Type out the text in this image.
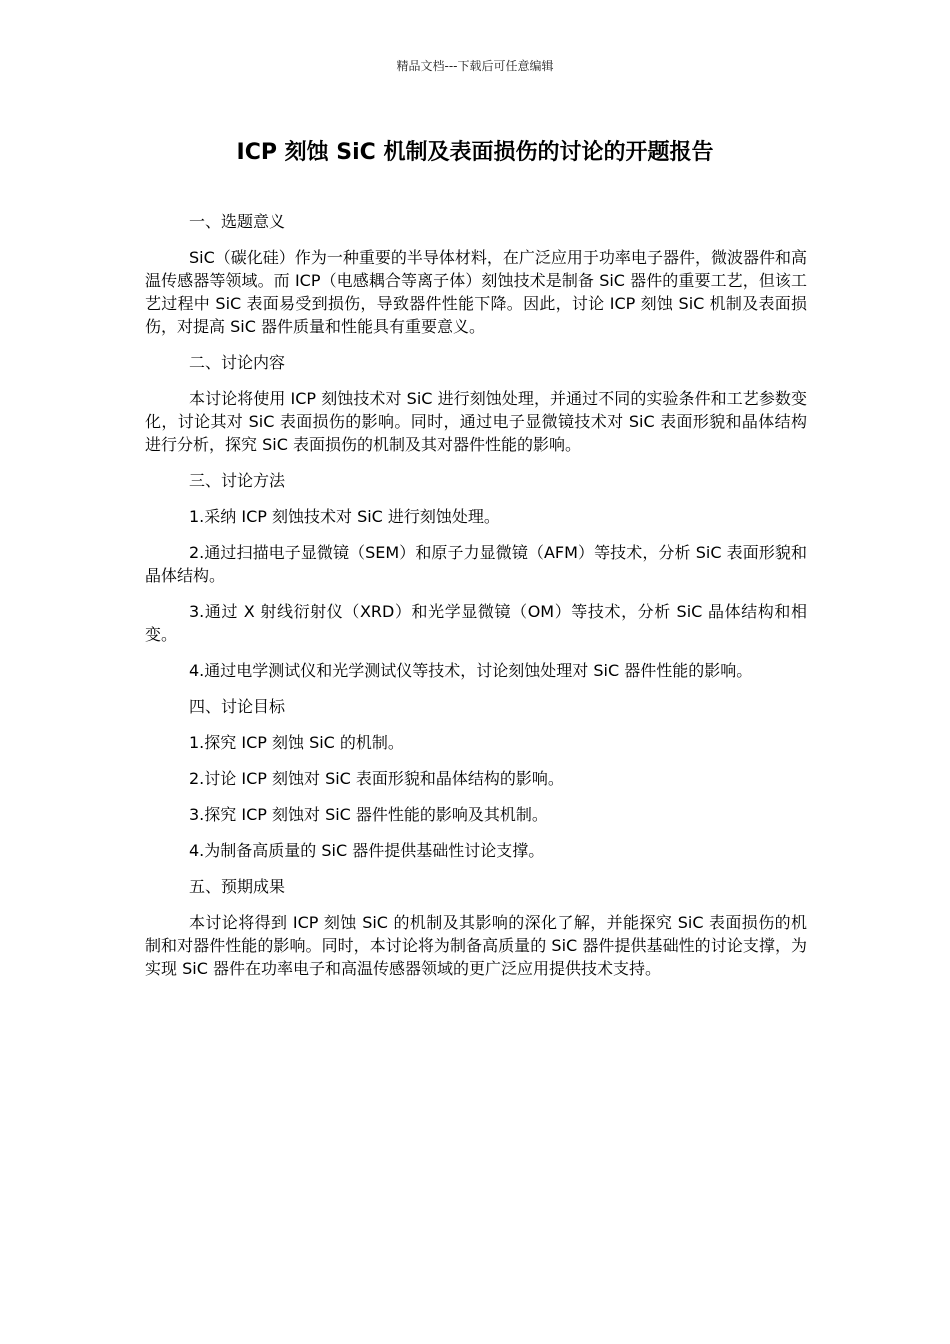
精品文档---下载后可任意编辑
ICP 刻蚀 SiC 机制及表面损伤的讨论的开题报告
一、选题意义

SiC（碳化硅）作为一种重要的半导体材料，在广泛应用于功率电子器件，微波器件和高温传感器等领域。而 ICP（电感耦合等离子体）刻蚀技术是制备 SiC 器件的重要工艺，但该工艺过程中 SiC 表面易受到损伤，导致器件性能下降。因此，讨论 ICP 刻蚀 SiC 机制及表面损伤，对提高 SiC 器件质量和性能具有重要意义。

二、讨论内容

本讨论将使用 ICP 刻蚀技术对 SiC 进行刻蚀处理，并通过不同的实验条件和工艺参数变化，讨论其对 SiC 表面损伤的影响。同时，通过电子显微镜技术对 SiC 表面形貌和晶体结构进行分析，探究 SiC 表面损伤的机制及其对器件性能的影响。

三、讨论方法

1.采纳 ICP 刻蚀技术对 SiC 进行刻蚀处理。

2.通过扫描电子显微镜（SEM）和原子力显微镜（AFM）等技术，分析 SiC 表面形貌和晶体结构。

3.通过 X 射线衍射仪（XRD）和光学显微镜（OM）等技术，分析 SiC 晶体结构和相变。

4.通过电学测试仪和光学测试仪等技术，讨论刻蚀处理对 SiC 器件性能的影响。

四、讨论目标

1.探究 ICP 刻蚀 SiC 的机制。

2.讨论 ICP 刻蚀对 SiC 表面形貌和晶体结构的影响。

3.探究 ICP 刻蚀对 SiC 器件性能的影响及其机制。

4.为制备高质量的 SiC 器件提供基础性讨论支撑。

五、预期成果

本讨论将得到 ICP 刻蚀 SiC 的机制及其影响的深化了解，并能探究 SiC 表面损伤的机制和对器件性能的影响。同时，本讨论将为制备高质量的 SiC 器件提供基础性的讨论支撑，为实现 SiC 器件在功率电子和高温传感器领域的更广泛应用提供技术支持。
